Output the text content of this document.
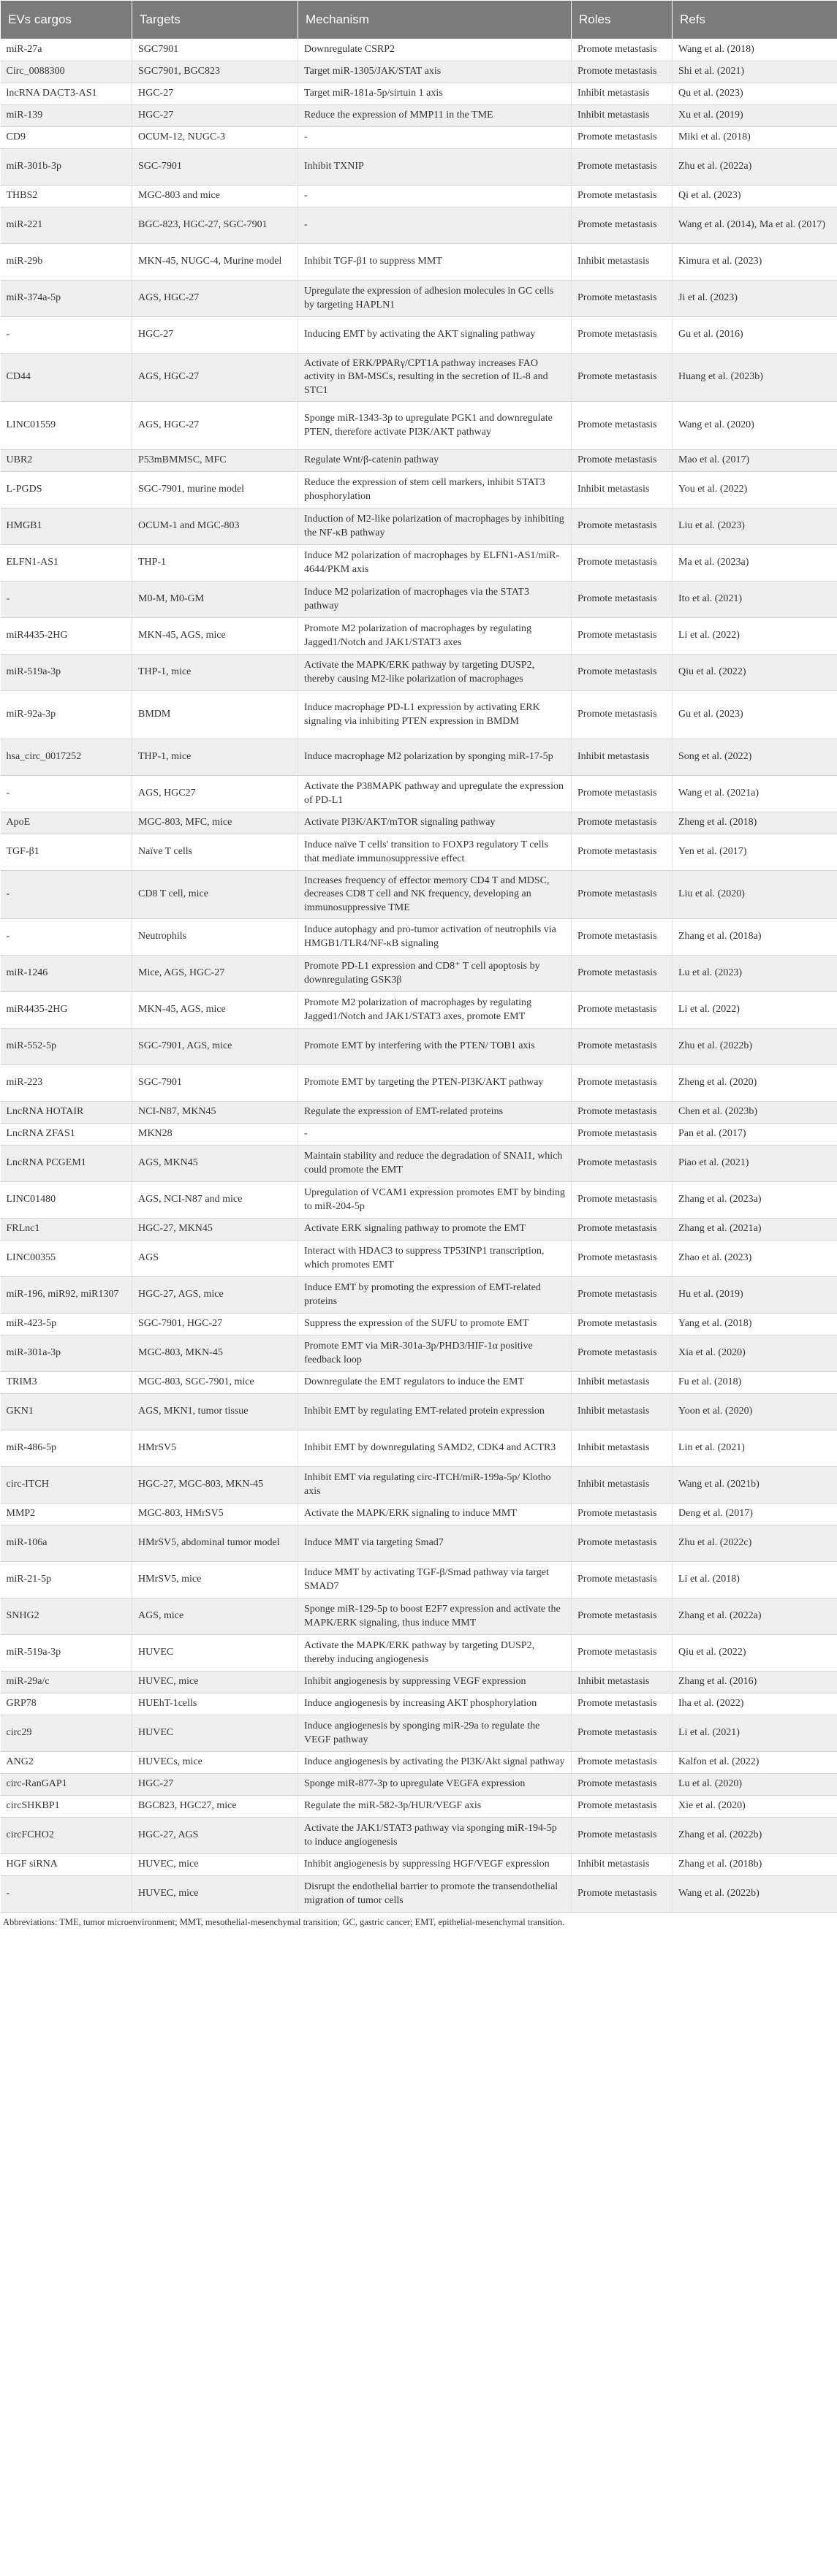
EVs cargos	Targets	Mechanism	Roles	Refs
miR-27a	SGC7901	Downregulate CSRP2	Promote metastasis	Wang et al. (2018)
Circ_0088300	SGC7901, BGC823	Target miR-1305/JAK/STAT axis	Promote metastasis	Shi et al. (2021)
lncRNA DACT3-AS1	HGC-27	Target miR-181a-5p/sirtuin 1 axis	Inhibit metastasis	Qu et al. (2023)
miR-139	HGC-27	Reduce the expression of MMP11 in the TME	Inhibit metastasis	Xu et al. (2019)
CD9	OCUM-12, NUGC-3	-	Promote metastasis	Miki et al. (2018)
miR-301b-3p	SGC-7901	Inhibit TXNIP	Promote metastasis	Zhu et al. (2022a)
THBS2	MGC-803 and mice	-	Promote metastasis	Qi et al. (2023)
miR-221	BGC-823, HGC-27, SGC-7901	-	Promote metastasis	Wang et al. (2014), Ma et al. (2017)
miR-29b	MKN-45, NUGC-4, Murine model	Inhibit TGF-β1 to suppress MMT	Inhibit metastasis	Kimura et al. (2023)
miR-374a-5p	AGS, HGC-27	Upregulate the expression of adhesion molecules in GC cells by targeting HAPLN1	Promote metastasis	Ji et al. (2023)
-	HGC-27	Inducing EMT by activating the AKT signaling pathway	Promote metastasis	Gu et al. (2016)
CD44	AGS, HGC-27	Activate of ERK/PPARγ/CPT1A pathway increases FAO activity in BM-MSCs, resulting in the secretion of IL-8 and STC1	Promote metastasis	Huang et al. (2023b)
LINC01559	AGS, HGC-27	Sponge miR-1343-3p to upregulate PGK1 and downregulate PTEN, therefore activate PI3K/AKT pathway	Promote metastasis	Wang et al. (2020)
UBR2	P53mBMMSC, MFC	Regulate Wnt/β-catenin pathway	Promote metastasis	Mao et al. (2017)
L-PGDS	SGC-7901, murine model	Reduce the expression of stem cell markers, inhibit STAT3 phosphorylation	Inhibit metastasis	You et al. (2022)
HMGB1	OCUM-1 and MGC-803	Induction of M2-like polarization of macrophages by inhibiting the NF-κB pathway	Promote metastasis	Liu et al. (2023)
ELFN1-AS1	THP-1	Induce M2 polarization of macrophages by ELFN1-AS1/miR-4644/PKM axis	Promote metastasis	Ma et al. (2023a)
-	M0-M, M0-GM	Induce M2 polarization of macrophages via the STAT3 pathway	Promote metastasis	Ito et al. (2021)
miR4435-2HG	MKN-45, AGS, mice	Promote M2 polarization of macrophages by regulating Jagged1/Notch and JAK1/STAT3 axes	Promote metastasis	Li et al. (2022)
miR-519a-3p	THP-1, mice	Activate the MAPK/ERK pathway by targeting DUSP2, thereby causing M2-like polarization of macrophages	Promote metastasis	Qiu et al. (2022)
miR-92a-3p	BMDM	Induce macrophage PD-L1 expression by activating ERK signaling via inhibiting PTEN expression in BMDM	Promote metastasis	Gu et al. (2023)
hsa_circ_0017252	THP-1, mice	Induce macrophage M2 polarization by sponging miR-17-5p	Inhibit metastasis	Song et al. (2022)
-	AGS, HGC27	Activate the P38MAPK pathway and upregulate the expression of PD-L1	Promote metastasis	Wang et al. (2021a)
ApoE	MGC-803, MFC, mice	Activate PI3K/AKT/mTOR signaling pathway	Promote metastasis	Zheng et al. (2018)
TGF-β1	Naïve T cells	Induce naïve T cells' transition to FOXP3 regulatory T cells that mediate immunosuppressive effect	Promote metastasis	Yen et al. (2017)
-	CD8 T cell, mice	Increases frequency of effector memory CD4 T and MDSC, decreases CD8 T cell and NK frequency, developing an immunosuppressive TME	Promote metastasis	Liu et al. (2020)
-	Neutrophils	Induce autophagy and pro-tumor activation of neutrophils via HMGB1/TLR4/NF-κB signaling	Promote metastasis	Zhang et al. (2018a)
miR-1246	Mice, AGS, HGC-27	Promote PD-L1 expression and CD8⁺ T cell apoptosis by downregulating GSK3β	Promote metastasis	Lu et al. (2023)
miR4435-2HG	MKN-45, AGS, mice	Promote M2 polarization of macrophages by regulating Jagged1/Notch and JAK1/STAT3 axes, promote EMT	Promote metastasis	Li et al. (2022)
miR-552-5p	SGC-7901, AGS, mice	Promote EMT by interfering with the PTEN/ TOB1 axis	Promote metastasis	Zhu et al. (2022b)
miR-223	SGC-7901	Promote EMT by targeting the PTEN-PI3K/AKT pathway	Promote metastasis	Zheng et al. (2020)
LncRNA HOTAIR	NCI-N87, MKN45	Regulate the expression of EMT-related proteins	Promote metastasis	Chen et al. (2023b)
LncRNA ZFAS1	MKN28	-	Promote metastasis	Pan et al. (2017)
LncRNA PCGEM1	AGS, MKN45	Maintain stability and reduce the degradation of SNAI1, which could promote the EMT	Promote metastasis	Piao et al. (2021)
LINC01480	AGS, NCI-N87 and mice	Upregulation of VCAM1 expression promotes EMT by binding to miR-204-5p	Promote metastasis	Zhang et al. (2023a)
FRLnc1	HGC-27, MKN45	Activate ERK signaling pathway to promote the EMT	Promote metastasis	Zhang et al. (2021a)
LINC00355	AGS	Interact with HDAC3 to suppress TP53INP1 transcription, which promotes EMT	Promote metastasis	Zhao et al. (2023)
miR-196, miR92, miR1307	HGC-27, AGS, mice	Induce EMT by promoting the expression of EMT-related proteins	Promote metastasis	Hu et al. (2019)
miR-423-5p	SGC-7901, HGC-27	Suppress the expression of the SUFU to promote EMT	Promote metastasis	Yang et al. (2018)
miR-301a-3p	MGC-803, MKN-45	Promote EMT via MiR-301a-3p/PHD3/HIF-1α positive feedback loop	Promote metastasis	Xia et al. (2020)
TRIM3	MGC-803, SGC-7901, mice	Downregulate the EMT regulators to induce the EMT	Inhibit metastasis	Fu et al. (2018)
GKN1	AGS, MKN1, tumor tissue	Inhibit EMT by regulating EMT-related protein expression	Inhibit metastasis	Yoon et al. (2020)
miR-486-5p	HMrSV5	Inhibit EMT by downregulating SAMD2, CDK4 and ACTR3	Inhibit metastasis	Lin et al. (2021)
circ-ITCH	HGC-27, MGC-803, MKN-45	Inhibit EMT via regulating circ-ITCH/miR-199a-5p/ Klotho axis	Inhibit metastasis	Wang et al. (2021b)
MMP2	MGC-803, HMrSV5	Activate the MAPK/ERK signaling to induce MMT	Promote metastasis	Deng et al. (2017)
miR-106a	HMrSV5, abdominal tumor model	Induce MMT via targeting Smad7	Promote metastasis	Zhu et al. (2022c)
miR-21-5p	HMrSV5, mice	Induce MMT by activating TGF-β/Smad pathway via target SMAD7	Promote metastasis	Li et al. (2018)
SNHG2	AGS, mice	Sponge miR-129-5p to boost E2F7 expression and activate the MAPK/ERK signaling, thus induce MMT	Promote metastasis	Zhang et al. (2022a)
miR-519a-3p	HUVEC	Activate the MAPK/ERK pathway by targeting DUSP2, thereby inducing angiogenesis	Promote metastasis	Qiu et al. (2022)
miR-29a/c	HUVEC, mice	Inhibit angiogenesis by suppressing VEGF expression	Inhibit metastasis	Zhang et al. (2016)
GRP78	HUEhT-1cells	Induce angiogenesis by increasing AKT phosphorylation	Promote metastasis	Iha et al. (2022)
circ29	HUVEC	Induce angiogenesis by sponging miR-29a to regulate the VEGF pathway	Promote metastasis	Li et al. (2021)
ANG2	HUVECs, mice	Induce angiogenesis by activating the PI3K/Akt signal pathway	Promote metastasis	Kalfon et al. (2022)
circ-RanGAP1	HGC-27	Sponge miR-877-3p to upregulate VEGFA expression	Promote metastasis	Lu et al. (2020)
circSHKBP1	BGC823, HGC27, mice	Regulate the miR-582-3p/HUR/VEGF axis	Promote metastasis	Xie et al. (2020)
circFCHO2	HGC-27, AGS	Activate the JAK1/STAT3 pathway via sponging miR-194-5p to induce angiogenesis	Promote metastasis	Zhang et al. (2022b)
HGF siRNA	HUVEC, mice	Inhibit angiogenesis by suppressing HGF/VEGF expression	Inhibit metastasis	Zhang et al. (2018b)
-	HUVEC, mice	Disrupt the endothelial barrier to promote the transendothelial migration of tumor cells	Promote metastasis	Wang et al. (2022b)
Abbreviations: TME, tumor microenvironment; MMT, mesothelial-mesenchymal transition; GC, gastric cancer; EMT, epithelial-mesenchymal transition.
